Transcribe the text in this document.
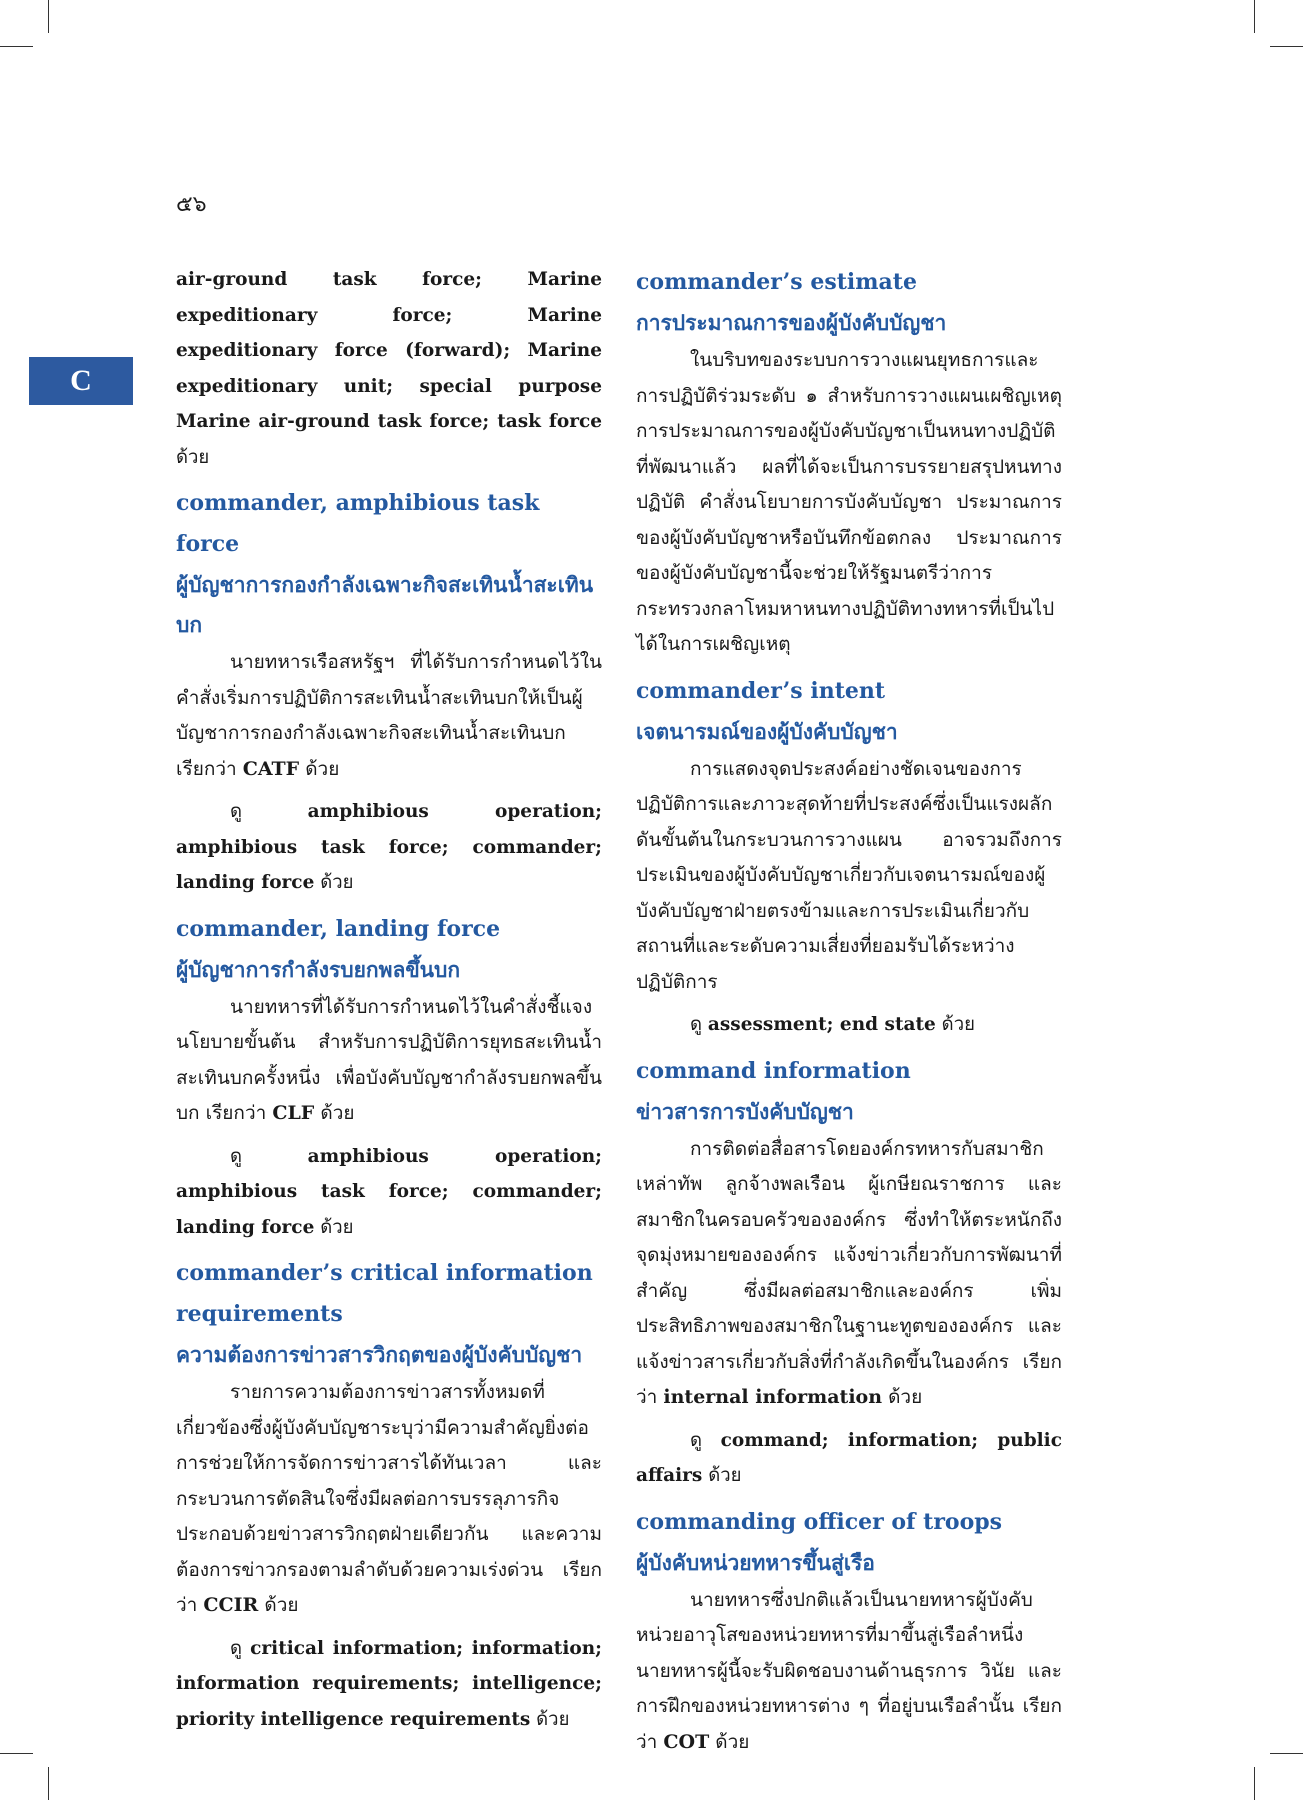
๕๖
C

air-ground task force; Marine expeditionary force; Marine expeditionary force (forward); Marine expeditionary unit; special purpose Marine air-ground task force; task force ด้วย

commander, amphibious task force
ผู้บัญชาการกองกำลังเฉพาะกิจสะเทินน้ำสะเทินบก

นายทหารเรือสหรัฐฯ ที่ได้รับการกำหนดไว้ในคำสั่งเริ่มการปฏิบัติการสะเทินน้ำสะเทินบกให้เป็นผู้บัญชาการกองกำลังเฉพาะกิจสะเทินน้ำสะเทินบก เรียกว่า CATF ด้วย

ดู amphibious operation; amphibious task force; commander; landing force ด้วย

commander, landing force
ผู้บัญชาการกำลังรบยกพลขึ้นบก

นายทหารที่ได้รับการกำหนดไว้ในคำสั่งชี้แจงนโยบายขั้นต้น สำหรับการปฏิบัติการยุทธสะเทินน้ำสะเทินบกครั้งหนึ่ง เพื่อบังคับบัญชากำลังรบยกพลขึ้นบก เรียกว่า CLF ด้วย

ดู amphibious operation; amphibious task force; commander; landing force ด้วย

commander’s critical information requirements
ความต้องการข่าวสารวิกฤตของผู้บังคับบัญชา

รายการความต้องการข่าวสารทั้งหมดที่เกี่ยวข้องซึ่งผู้บังคับบัญชาระบุว่ามีความสำคัญยิ่งต่อการช่วยให้การจัดการข่าวสารได้ทันเวลา และกระบวนการตัดสินใจซึ่งมีผลต่อการบรรลุภารกิจ ประกอบด้วยข่าวสารวิกฤตฝ่ายเดียวกัน และความต้องการข่าวกรองตามลำดับด้วยความเร่งด่วน เรียกว่า CCIR ด้วย

ดู critical information; information; information requirements; intelligence; priority intelligence requirements ด้วย

commander’s estimate
การประมาณการของผู้บังคับบัญชา

ในบริบทของระบบการวางแผนยุทธการและการปฏิบัติร่วมระดับ ๑ สำหรับการวางแผนเผชิญเหตุ การประมาณการของผู้บังคับบัญชาเป็นหนทางปฏิบัติที่พัฒนาแล้ว ผลที่ได้จะเป็นการบรรยายสรุปหนทางปฏิบัติ คำสั่งนโยบายการบังคับบัญชา ประมาณการของผู้บังคับบัญชาหรือบันทึกข้อตกลง ประมาณการของผู้บังคับบัญชานี้จะช่วยให้รัฐมนตรีว่าการกระทรวงกลาโหมหาหนทางปฏิบัติทางทหารที่เป็นไปได้ในการเผชิญเหตุ

commander’s intent
เจตนารมณ์ของผู้บังคับบัญชา

การแสดงจุดประสงค์อย่างชัดเจนของการปฏิบัติการและภาวะสุดท้ายที่ประสงค์ซึ่งเป็นแรงผลักดันขั้นต้นในกระบวนการวางแผน อาจรวมถึงการประเมินของผู้บังคับบัญชาเกี่ยวกับเจตนารมณ์ของผู้บังคับบัญชาฝ่ายตรงข้ามและการประเมินเกี่ยวกับสถานที่และระดับความเสี่ยงที่ยอมรับได้ระหว่างปฏิบัติการ

ดู assessment; end state ด้วย

command information
ข่าวสารการบังคับบัญชา

การติดต่อสื่อสารโดยองค์กรทหารกับสมาชิกเหล่าทัพ ลูกจ้างพลเรือน ผู้เกษียณราชการ และสมาชิกในครอบครัวขององค์กร ซึ่งทำให้ตระหนักถึงจุดมุ่งหมายขององค์กร แจ้งข่าวเกี่ยวกับการพัฒนาที่สำคัญ ซึ่งมีผลต่อสมาชิกและองค์กร เพิ่มประสิทธิภาพของสมาชิกในฐานะทูตขององค์กร และแจ้งข่าวสารเกี่ยวกับสิ่งที่กำลังเกิดขึ้นในองค์กร เรียกว่า internal information ด้วย

ดู command; information; public affairs ด้วย

commanding officer of troops
ผู้บังคับหน่วยทหารขึ้นสู่เรือ

นายทหารซึ่งปกติแล้วเป็นนายทหารผู้บังคับหน่วยอาวุโสของหน่วยทหารที่มาขึ้นสู่เรือลำหนึ่ง นายทหารผู้นี้จะรับผิดชอบงานด้านธุรการ วินัย และการฝึกของหน่วยทหารต่าง ๆ ที่อยู่บนเรือลำนั้น เรียกว่า COT ด้วย
